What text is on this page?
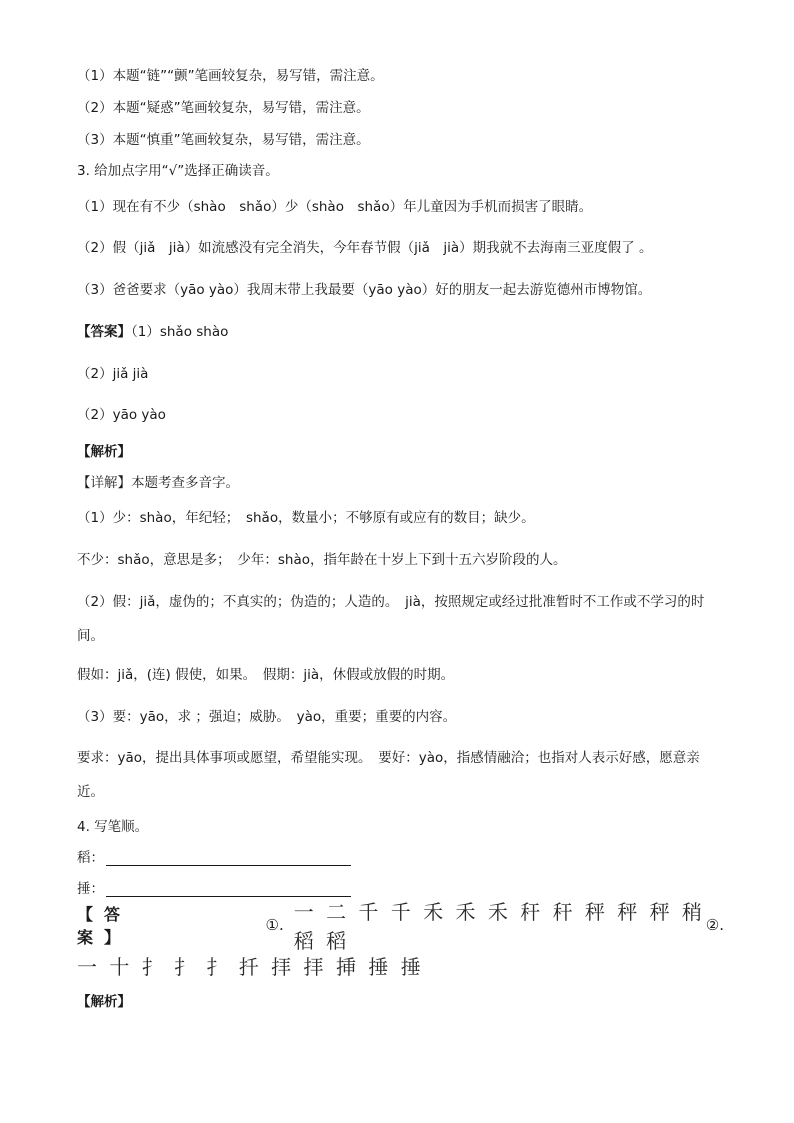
（1）本题“链”“颤”笔画较复杂，易写错，需注意。
（2）本题“疑惑”笔画较复杂，易写错，需注意。
（3）本题“慎重”笔画较复杂，易写错，需注意。
3. 给加点字用“√”选择正确读音。
（1）现在有不少（shào　shǎo）少（shào　shǎo）年儿童因为手机而损害了眼睛。
（2）假（jiǎ　jià）如流感没有完全消失，今年春节假（jiǎ　jià）期我就不去海南三亚度假了 。
（3）爸爸要求（yāo yào）我周末带上我最要（yāo yào）好的朋友一起去游览德州市博物馆。
【答案】（1）shǎo shào
（2）jiǎ jià
（2）yāo yào
【解析】
【详解】本题考查多音字。
（1）少：shào，年纪轻；　shǎo，数量小；不够原有或应有的数目；缺少。
不少：shǎo，意思是多；　少年：shào，指年龄在十岁上下到十五六岁阶段的人。
（2）假：jiǎ，虚伪的；不真实的；伪造的；人造的。　jià，按照规定或经过批准暂时不工作或不学习的时间。
假如：jiǎ，(连) 假使，如果。　假期：jià，休假或放假的时期。
（3）要：yāo，求 ；强迫；威胁。　yào，重要；重要的内容。
要求：yāo，提出具体事项或愿望，希望能实现。　要好：yào，指感情融洽；也指对人表示好感，愿意亲近。
4. 写笔顺。
稻：
捶：
【答案】
①.
一 二 千 千 禾 禾 禾 秆 秆 秤 秤 秤 稍 稻 稻
②.
一 十 扌 扌 扌 扦 拝 拝 挿 捶 捶
【解析】
